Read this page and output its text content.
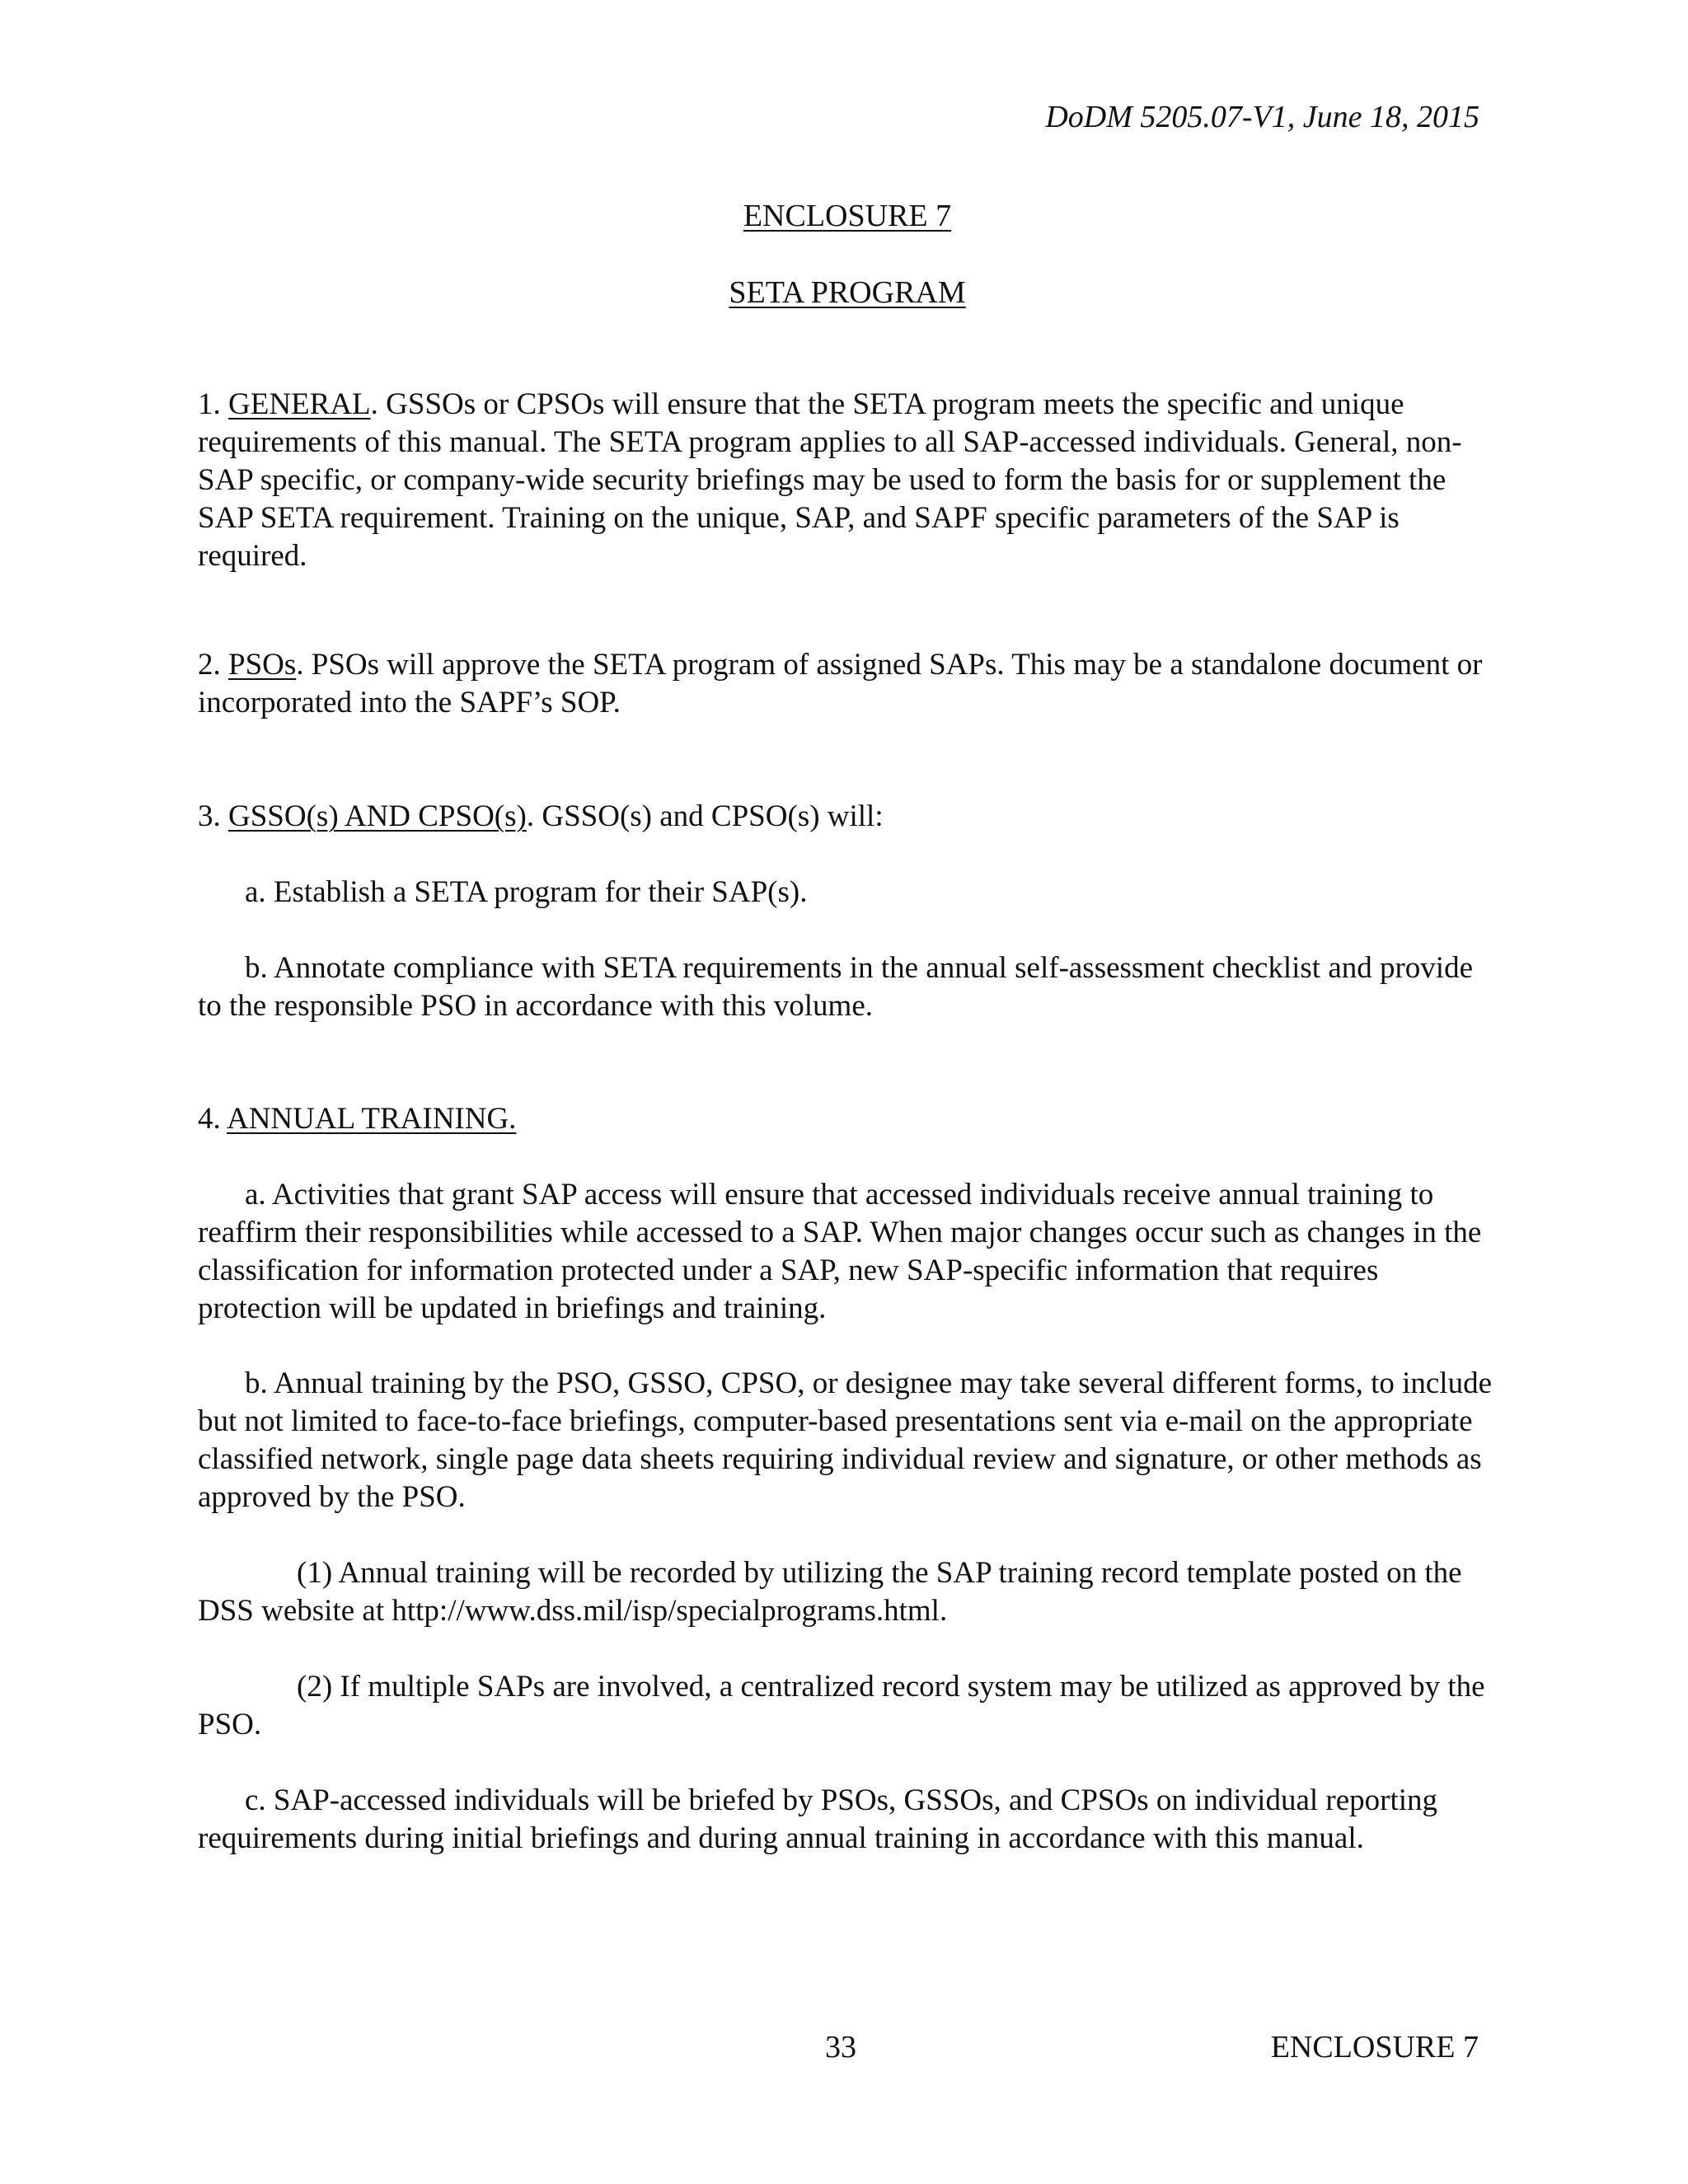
DoDM 5205.07-V1, June 18, 2015
ENCLOSURE 7
SETA PROGRAM

1. GENERAL. GSSOs or CPSOs will ensure that the SETA program meets the specific and unique requirements of this manual. The SETA program applies to all SAP-accessed individuals. General, non-SAP specific, or company-wide security briefings may be used to form the basis for or supplement the SAP SETA requirement. Training on the unique, SAP, and SAPF specific parameters of the SAP is required.

2. PSOs. PSOs will approve the SETA program of assigned SAPs. This may be a standalone document or incorporated into the SAPF’s SOP.

3. GSSO(s) AND CPSO(s). GSSO(s) and CPSO(s) will:

a. Establish a SETA program for their SAP(s).

b. Annotate compliance with SETA requirements in the annual self-assessment checklist and provide to the responsible PSO in accordance with this volume.

4. ANNUAL TRAINING.

a. Activities that grant SAP access will ensure that accessed individuals receive annual training to reaffirm their responsibilities while accessed to a SAP. When major changes occur such as changes in the classification for information protected under a SAP, new SAP-specific information that requires protection will be updated in briefings and training.

b. Annual training by the PSO, GSSO, CPSO, or designee may take several different forms, to include but not limited to face-to-face briefings, computer-based presentations sent via e-mail on the appropriate classified network, single page data sheets requiring individual review and signature, or other methods as approved by the PSO.

(1) Annual training will be recorded by utilizing the SAP training record template posted on the DSS website at http://www.dss.mil/isp/specialprograms.html.

(2) If multiple SAPs are involved, a centralized record system may be utilized as approved by the PSO.

c. SAP-accessed individuals will be briefed by PSOs, GSSOs, and CPSOs on individual reporting requirements during initial briefings and during annual training in accordance with this manual.

33	ENCLOSURE 7
